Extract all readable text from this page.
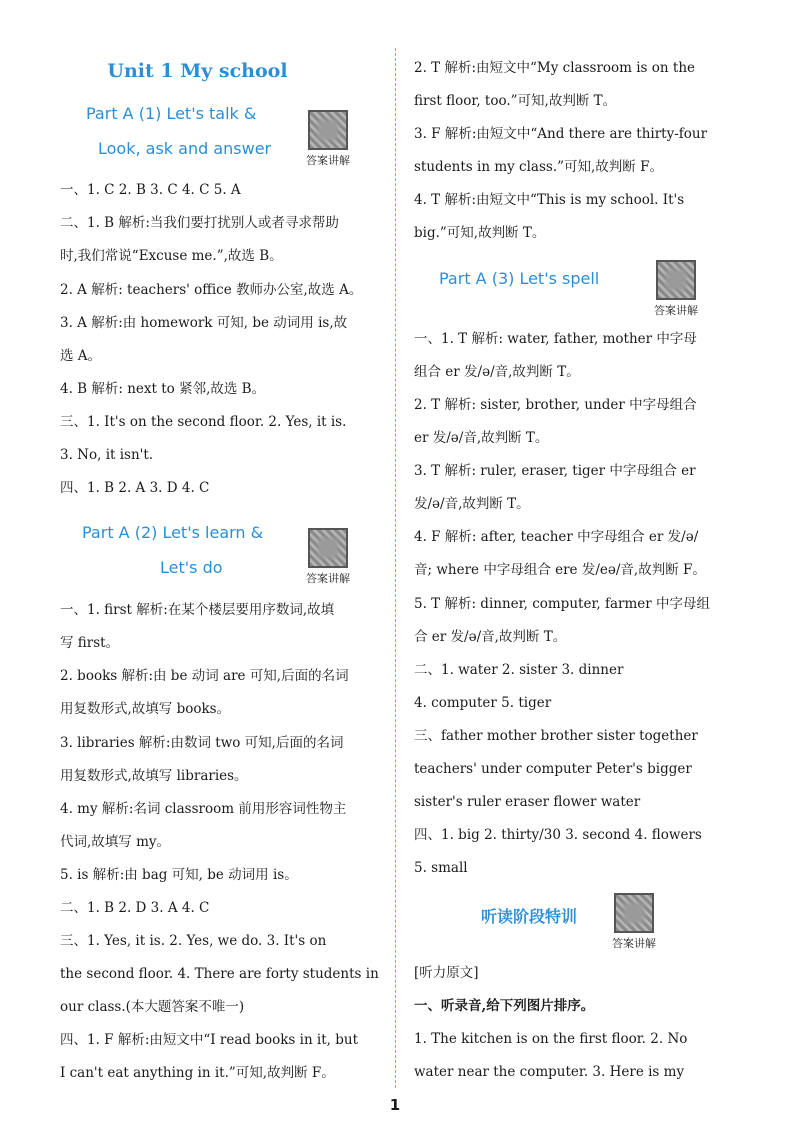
Unit 1 My school
Part A (1) Let's talk &
Look, ask and answer
答案讲解
一、1. C 2. B 3. C 4. C 5. A
二、1. B 解析:当我们要打扰别人或者寻求帮助
时,我们常说“Excuse me.”,故选 B。
2. A 解析: teachers' office 教师办公室,故选 A。
3. A 解析:由 homework 可知, be 动词用 is,故
选 A。
4. B 解析: next to 紧邻,故选 B。
三、1. It's on the second floor. 2. Yes, it is.
3. No, it isn't.
四、1. B 2. A 3. D 4. C
Part A (2) Let's learn &
Let's do
答案讲解
一、1. first 解析:在某个楼层要用序数词,故填
写 first。
2. books 解析:由 be 动词 are 可知,后面的名词
用复数形式,故填写 books。
3. libraries 解析:由数词 two 可知,后面的名词
用复数形式,故填写 libraries。
4. my 解析:名词 classroom 前用形容词性物主
代词,故填写 my。
5. is 解析:由 bag 可知, be 动词用 is。
二、1. B 2. D 3. A 4. C
三、1. Yes, it is. 2. Yes, we do. 3. It's on
the second floor. 4. There are forty students in
our class.(本大题答案不唯一)
四、1. F 解析:由短文中“I read books in it, but
I can't eat anything in it.”可知,故判断 F。
2. T 解析:由短文中“My classroom is on the
first floor, too.”可知,故判断 T。
3. F 解析:由短文中“And there are thirty-four
students in my class.”可知,故判断 F。
4. T 解析:由短文中“This is my school. It's
big.”可知,故判断 T。
Part A (3) Let's spell
答案讲解
一、1. T 解析: water, father, mother 中字母
组合 er 发/ə/音,故判断 T。
2. T 解析: sister, brother, under 中字母组合
er 发/ə/音,故判断 T。
3. T 解析: ruler, eraser, tiger 中字母组合 er
发/ə/音,故判断 T。
4. F 解析: after, teacher 中字母组合 er 发/ə/
音; where 中字母组合 ere 发/eə/音,故判断 F。
5. T 解析: dinner, computer, farmer 中字母组
合 er 发/ə/音,故判断 T。
二、1. water 2. sister 3. dinner
4. computer 5. tiger
三、father mother brother sister together
teachers' under computer Peter's bigger
sister's ruler eraser flower water
四、1. big 2. thirty/30 3. second 4. flowers
5. small
听读阶段特训
答案讲解
[听力原文]
一、听录音,给下列图片排序。
1. The kitchen is on the first floor. 2. No
water near the computer. 3. Here is my
1
